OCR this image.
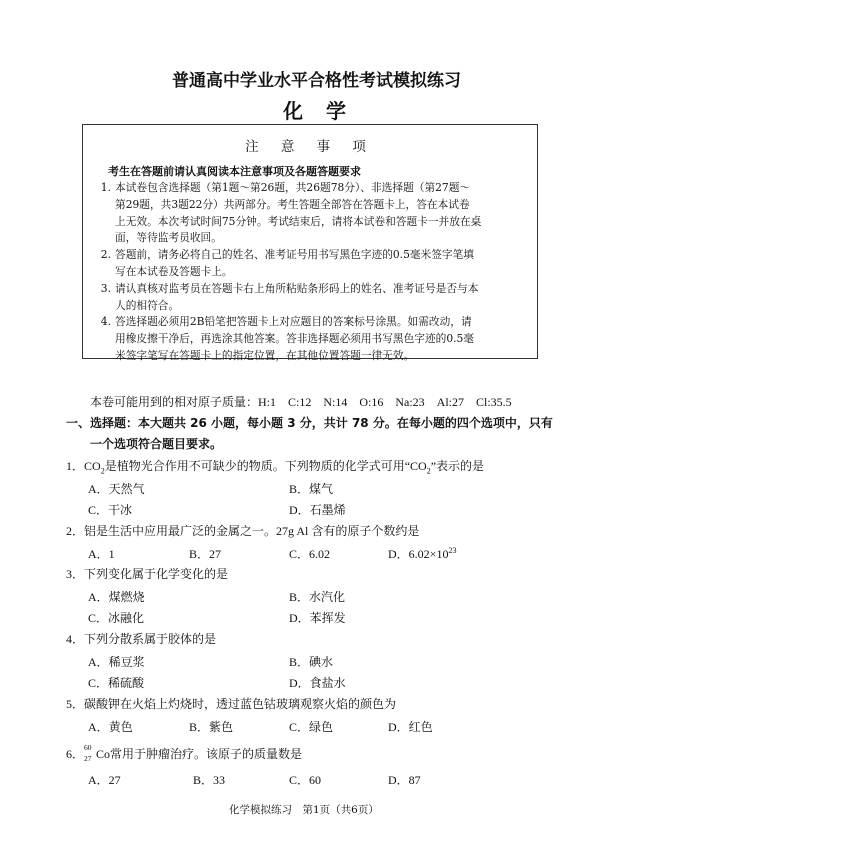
普通高中学业水平合格性考试模拟练习
化 学
注 意 事 项
考生在答题前请认真阅读本注意事项及各题答题要求
1. 本试卷包含选择题（第1题～第26题，共26题78分）、非选择题（第27题～
第29题，共3题22分）共两部分。考生答题全部答在答题卡上，答在本试卷
上无效。本次考试时间75分钟。考试结束后，请将本试卷和答题卡一并放在桌
面，等待监考员收回。
2. 答题前，请务必将自己的姓名、准考证号用书写黑色字迹的0.5毫米签字笔填
写在本试卷及答题卡上。
3. 请认真核对监考员在答题卡右上角所粘贴条形码上的姓名、准考证号是否与本
人的相符合。
4. 答选择题必须用2B铅笔把答题卡上对应题目的答案标号涂黑。如需改动，请
用橡皮擦干净后，再选涂其他答案。答非选择题必须用书写黑色字迹的0.5毫
米签字笔写在答题卡上的指定位置，在其他位置答题一律无效。
本卷可能用到的相对原子质量：H:1　C:12　N:14　O:16　Na:23　Al:27　Cl:35.5
一、选择题：本大题共 26 小题，每小题 3 分，共计 78 分。在每小题的四个选项中，只有
一个选项符合题目要求。
1．$CO_2$是植物光合作用不可缺少的物质。下列物质的化学式可用“$CO_2$”表示的是
A．天然气	B．煤气
C．干冰	D．石墨烯
2．铝是生活中应用最广泛的金属之一。27g Al 含有的原子个数约是
A．1	B．27	C．6.02	D．$6.02\times 10^{23}$
3．下列变化属于化学变化的是
A．煤燃烧	B．水汽化
C．冰融化	D．苯挥发
4．下列分散系属于胶体的是
A．稀豆浆	B．碘水
C．稀硫酸	D．食盐水
5．碳酸钾在火焰上灼烧时，透过蓝色钴玻璃观察火焰的颜色为
A．黄色	B．紫色	C．绿色	D．红色
6． 60
27 Co常用于肿瘤治疗。该原子的质量数是
A．27	B．33	C．60	D．87
化学模拟练习　第1页（共6页）
